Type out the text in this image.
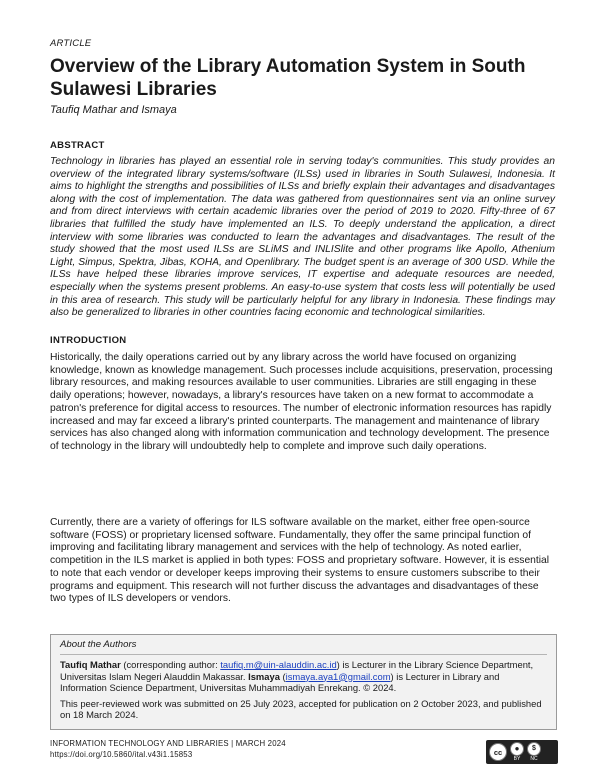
ARTICLE
Overview of the Library Automation System in South Sulawesi Libraries
Taufiq Mathar and Ismaya
ABSTRACT

Technology in libraries has played an essential role in serving today's communities. This study provides an overview of the integrated library systems/software (ILSs) used in libraries in South Sulawesi, Indonesia. It aims to highlight the strengths and possibilities of ILSs and briefly explain their advantages and disadvantages along with the cost of implementation. The data was gathered from questionnaires sent via an online survey and from direct interviews with certain academic libraries over the period of 2019 to 2020. Fifty-three of 67 libraries that fulfilled the study have implemented an ILS. To deeply understand the application, a direct interview with some libraries was conducted to learn the advantages and disadvantages. The result of the study showed that the most used ILSs are SLiMS and INLISlite and other programs like Apollo, Athenium Light, Simpus, Spektra, Jibas, KOHA, and Openlibrary. The budget spent is an average of 300 USD. While the ILSs have helped these libraries improve services, IT expertise and adequate resources are needed, especially when the systems present problems. An easy-to-use system that costs less will potentially be used in this area of research. This study will be particularly helpful for any library in Indonesia. These findings may also be generalized to libraries in other countries facing economic and technological similarities.

INTRODUCTION

Historically, the daily operations carried out by any library across the world have focused on organizing knowledge, known as knowledge management. Such processes include acquisitions, preservation, processing library resources, and making resources available to user communities. Libraries are still engaging in these daily operations; however, nowadays, a library's resources have taken on a new format to accommodate a patron's preference for digital access to resources. The number of electronic information resources has rapidly increased and may far exceed a library's printed counterparts. The management and maintenance of library services has also changed along with information communication and technology development. The presence of technology in the library will undoubtedly help to complete and improve such daily operations.

Currently, there are a variety of offerings for ILS software available on the market, either free open-source software (FOSS) or proprietary licensed software. Fundamentally, they offer the same principal function of improving and facilitating library management and services with the help of technology. As noted earlier, competition in the ILS market is applied in both types: FOSS and proprietary software. However, it is essential to note that each vendor or developer keeps improving their systems to ensure customers subscribe to their programs and equipment. This research will not further discuss the advantages and disadvantages of these two types of ILS developers or vendors.

About the Authors

Taufiq Mathar (corresponding author: taufiq.m@uin-alauddin.ac.id) is Lecturer in the Library Science Department, Universitas Islam Negeri Alauddin Makassar. Ismaya (ismaya.aya1@gmail.com) is Lecturer in Library and Information Science Department, Universitas Muhammadiyah Enrekang. © 2024.

This peer-reviewed work was submitted on 25 July 2023, accepted for publication on 2 October 2023, and published on 18 March 2024.

INFORMATION TECHNOLOGY AND LIBRARIES | MARCH 2024
https://doi.org/10.5860/ital.v43i1.15853	cc	●
BY
$
NC
